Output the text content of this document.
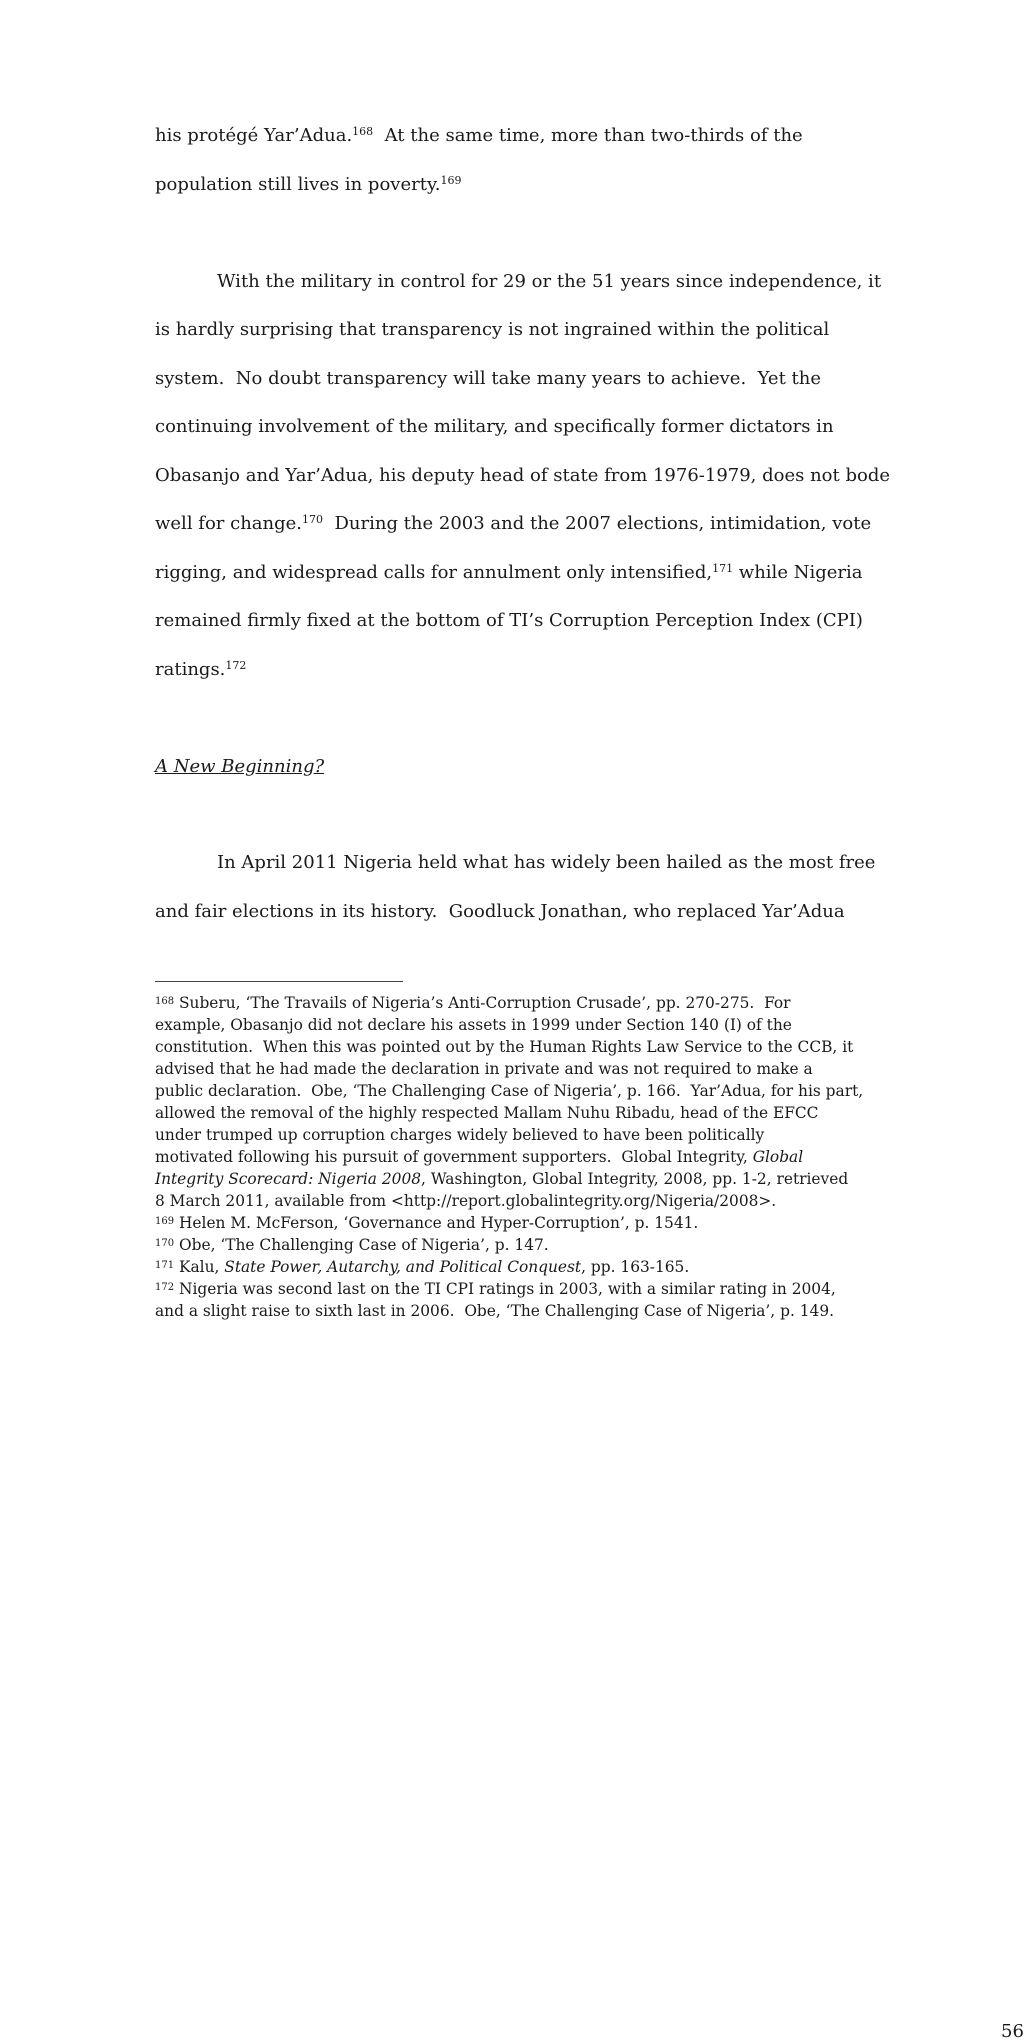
his protégé Yar’Adua.$^{168}$  At the same time, more than two-thirds of the
population still lives in poverty.$^{169}$
With the military in control for 29 or the 51 years since independence, it
is hardly surprising that transparency is not ingrained within the political
system.  No doubt transparency will take many years to achieve.  Yet the
continuing involvement of the military, and specifically former dictators in
Obasanjo and Yar’Adua, his deputy head of state from 1976-1979, does not bode
well for change.$^{170}$  During the 2003 and the 2007 elections, intimidation, vote
rigging, and widespread calls for annulment only intensified,$^{171}$ while Nigeria
remained firmly fixed at the bottom of TI’s Corruption Perception Index (CPI)
ratings.$^{172}$
A New Beginning?
In April 2011 Nigeria held what has widely been hailed as the most free
and fair elections in its history.  Goodluck Jonathan, who replaced Yar’Adua
$^{168}$ Suberu, ‘The Travails of Nigeria’s Anti-Corruption Crusade’, pp. 270-275.  For
example, Obasanjo did not declare his assets in 1999 under Section 140 (I) of the
constitution.  When this was pointed out by the Human Rights Law Service to the CCB, it
advised that he had made the declaration in private and was not required to make a
public declaration.  Obe, ‘The Challenging Case of Nigeria’, p. 166.  Yar’Adua, for his part,
allowed the removal of the highly respected Mallam Nuhu Ribadu, head of the EFCC
under trumped up corruption charges widely believed to have been politically
motivated following his pursuit of government supporters.  Global Integrity, Global
Integrity Scorecard: Nigeria 2008, Washington, Global Integrity, 2008, pp. 1-2, retrieved
8 March 2011, available from <http://report.globalintegrity.org/Nigeria/2008>.
$^{169}$ Helen M. McFerson, ‘Governance and Hyper-Corruption’, p. 1541.
$^{170}$ Obe, ‘The Challenging Case of Nigeria’, p. 147.
$^{171}$ Kalu, State Power, Autarchy, and Political Conquest, pp. 163-165.
$^{172}$ Nigeria was second last on the TI CPI ratings in 2003, with a similar rating in 2004,
and a slight raise to sixth last in 2006.  Obe, ‘The Challenging Case of Nigeria’, p. 149.
56
